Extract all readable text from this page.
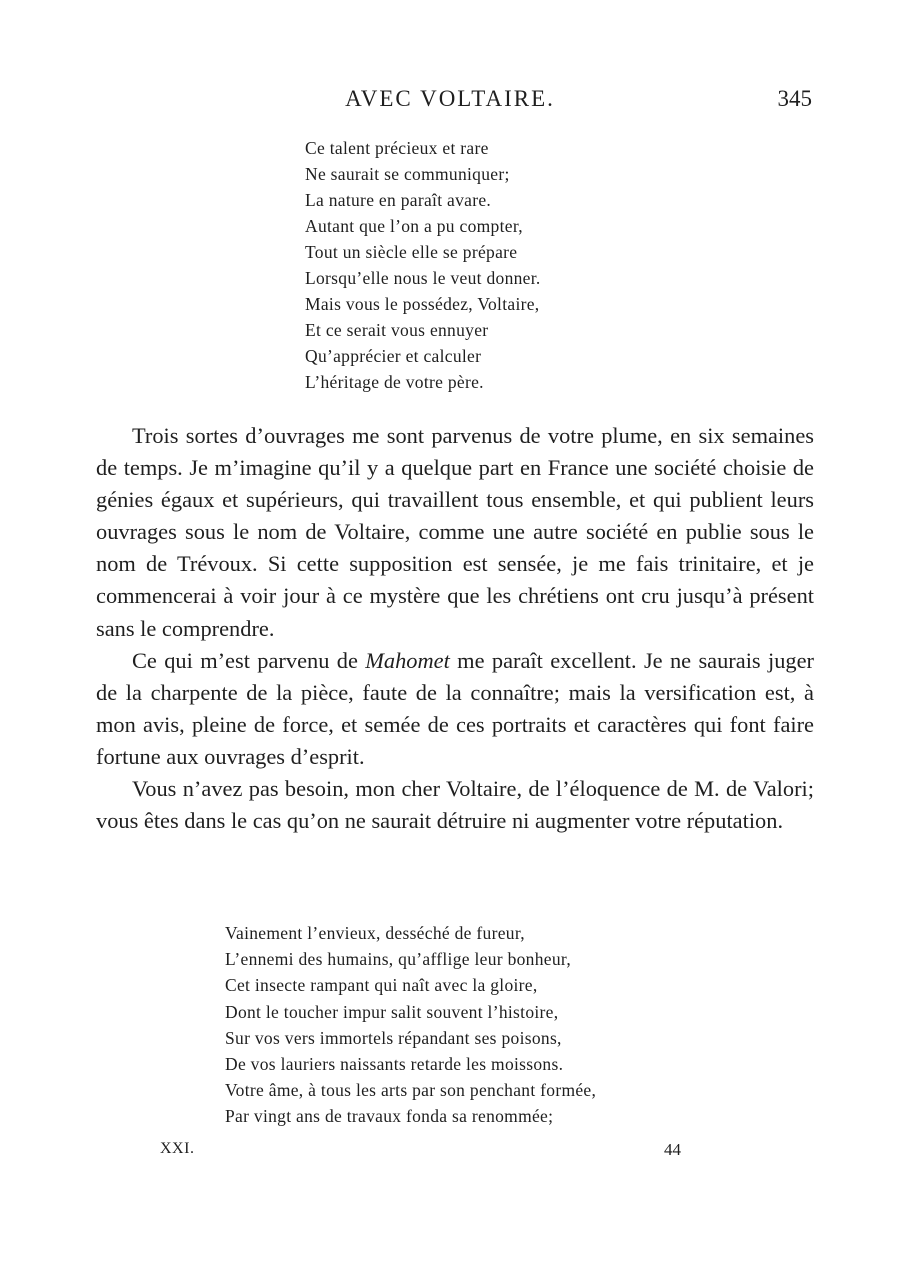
AVEC VOLTAIRE.	345
Ce talent précieux et rare
Ne saurait se communiquer;
La nature en paraît avare.
Autant que l’on a pu compter,
Tout un siècle elle se prépare
Lorsqu’elle nous le veut donner.
Mais vous le possédez, Voltaire,
Et ce serait vous ennuyer
Qu’apprécier et calculer
L’héritage de votre père.

Trois sortes d’ouvrages me sont parvenus de votre plume, en six semaines de temps. Je m’imagine qu’il y a quelque part en France une société choisie de génies égaux et supérieurs, qui travaillent tous ensemble, et qui publient leurs ouvrages sous le nom de Voltaire, comme une autre société en publie sous le nom de Trévoux. Si cette supposition est sensée, je me fais trinitaire, et je commencerai à voir jour à ce mystère que les chrétiens ont cru jusqu’à présent sans le comprendre.

Ce qui m’est parvenu de Mahomet me paraît excellent. Je ne saurais juger de la charpente de la pièce, faute de la connaître; mais la versification est, à mon avis, pleine de force, et semée de ces portraits et caractères qui font faire fortune aux ouvrages d’esprit.

Vous n’avez pas besoin, mon cher Voltaire, de l’éloquence de M. de Valori; vous êtes dans le cas qu’on ne saurait détruire ni augmenter votre réputation.

Vainement l’envieux, desséché de fureur,
L’ennemi des humains, qu’afflige leur bonheur,
Cet insecte rampant qui naît avec la gloire,
Dont le toucher impur salit souvent l’histoire,
Sur vos vers immortels répandant ses poisons,
De vos lauriers naissants retarde les moissons.
Votre âme, à tous les arts par son penchant formée,
Par vingt ans de travaux fonda sa renommée;
XXI.	44
